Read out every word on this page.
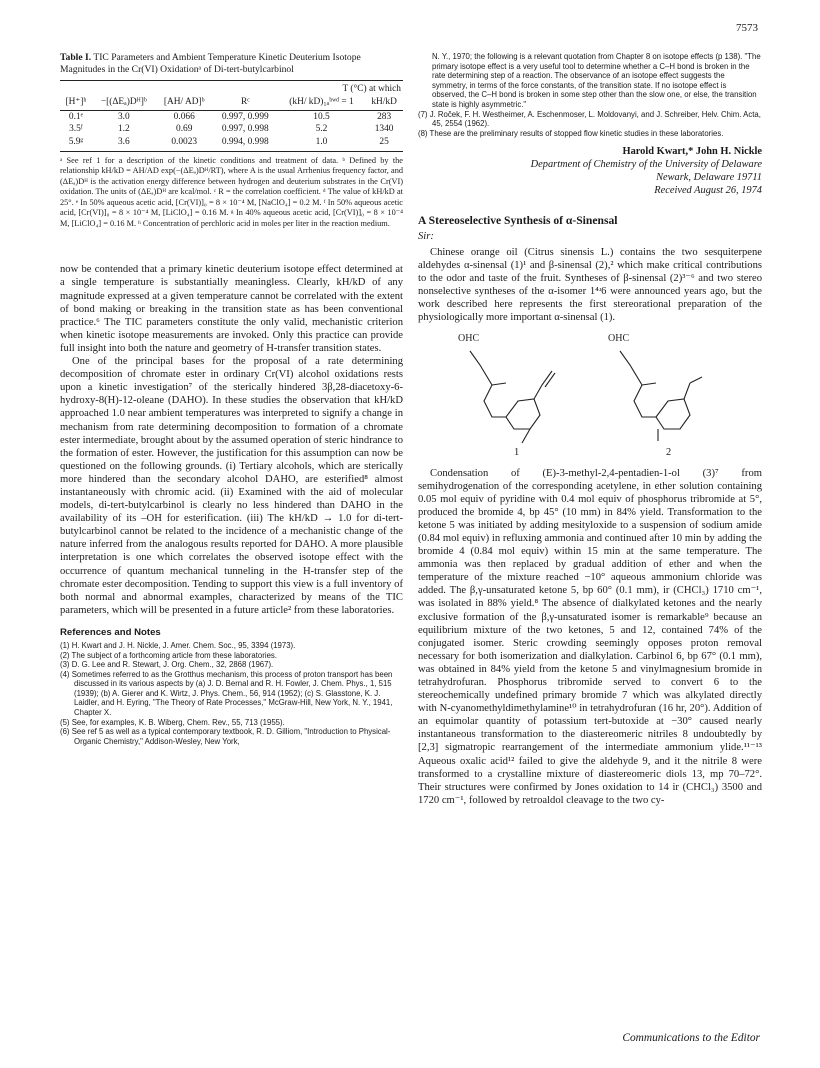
7573

Table I. TIC Parameters and Ambient Temperature Kinetic Deuterium Isotope Magnitudes in the Cr(VI) Oxidationᵃ of Di-tert-butylcarbinol

				T (°C) at which	
[H⁺]ʰ	−[(ΔEₐ)Dᴴ]ᵇ	[AH/ AD]ᵇ	Rᶜ	(kH/ kD)₁ₐᵇʷᵈ = 1	kH/kD
0.1ᵉ	3.0	0.066	0.997, 0.999	10.5	283
3.5ᶠ	1.2	0.69	0.997, 0.998	5.2	1340
5.9ᵍ	3.6	0.0023	0.994, 0.998	1.0	25

ᵃ See ref 1 for a description of the kinetic conditions and treatment of data. ᵇ Defined by the relationship kH/kD = AH/AD exp(−(ΔEₐ)Dᴴ/RT), where A is the usual Arrhenius frequency factor, and (ΔEₐ)Dᴴ is the activation energy difference between hydrogen and deuterium substrates in the Cr(VI) oxidation. The units of (ΔEₐ)Dᴴ are kcal/mol. ᶜ R = the correlation coefficient. ᵈ The value of kH/kD at 25°. ᵉ In 50% aqueous acetic acid, [Cr(VI)]₀ = 8 × 10⁻⁴ M, [NaClO₄] = 0.2 M. ᶠ In 50% aqueous acetic acid, [Cr(VI)]₀ = 8 × 10⁻⁴ M, [LiClO₄] = 0.16 M. ᵍ In 40% aqueous acetic acid, [Cr(VI)]₀ = 8 × 10⁻⁴ M, [LiClO₄] = 0.16 M. ʰ Concentration of perchloric acid in moles per liter in the reaction medium.

now be contended that a primary kinetic deuterium isotope effect determined at a single temperature is substantially meaningless. Clearly, kH/kD of any magnitude expressed at a given temperature cannot be correlated with the extent of bond making or breaking in the transition state as has been conventional practice.⁶ The TIC parameters constitute the only valid, mechanistic criterion when kinetic isotope measurements are invoked. Only this practice can provide full insight into both the nature and geometry of H-transfer transition states.

One of the principal bases for the proposal of a rate determining decomposition of chromate ester in ordinary Cr(VI) alcohol oxidations rests upon a kinetic investigation⁷ of the sterically hindered 3β,28-diacetoxy-6-hydroxy-8(H)-12-oleane (DAHO). In these studies the observation that kH/kD approached 1.0 near ambient temperatures was interpreted to signify a change in mechanism from rate determining decomposition to formation of a chromate ester intermediate, brought about by the assumed operation of steric hindrance to the formation of ester. However, the justification for this assumption can now be questioned on the following grounds. (i) Tertiary alcohols, which are sterically more hindered than the secondary alcohol DAHO, are esterified⁸ almost instantaneously with chromic acid. (ii) Examined with the aid of molecular models, di-tert-butylcarbinol is clearly no less hindered than DAHO in the availability of its –OH for esterification. (iii) The kH/kD → 1.0 for di-tert-butylcarbinol cannot be related to the incidence of a mechanistic change of the nature inferred from the analogous results reported for DAHO. A more plausible interpretation is one which correlates the observed isotope effect with the occurrence of quantum mechanical tunneling in the H-transfer step of the chromate ester decomposition. Tending to support this view is a full inventory of both normal and abnormal examples, characterized by means of the TIC parameters, which will be presented in a future article² from these laboratories.

References and Notes
(1) H. Kwart and J. H. Nickle, J. Amer. Chem. Soc., 95, 3394 (1973).
(2) The subject of a forthcoming article from these laboratories.
(3) D. G. Lee and R. Stewart, J. Org. Chem., 32, 2868 (1967).
(4) Sometimes referred to as the Grotthus mechanism, this process of proton transport has been discussed in its various aspects by (a) J. D. Bernal and R. H. Fowler, J. Chem. Phys., 1, 515 (1939); (b) A. Gierer and K. Wirtz, J. Phys. Chem., 56, 914 (1952); (c) S. Glasstone, K. J. Laidler, and H. Eyring, "The Theory of Rate Processes," McGraw-Hill, New York, N. Y., 1941, Chapter X.
(5) See, for examples, K. B. Wiberg, Chem. Rev., 55, 713 (1955).
(6) See ref 5 as well as a typical contemporary textbook, R. D. Gilliom, "Introduction to Physical-Organic Chemistry," Addison-Wesley, New York,
N. Y., 1970; the following is a relevant quotation from Chapter 8 on isotope effects (p 138). "The primary isotope effect is a very useful tool to determine whether a C–H bond is broken in the rate determining step of a reaction. The observance of an isotope effect suggests the symmetry, in terms of the force constants, of the transition state. If no isotope effect is observed, the C–H bond is broken in some step other than the slow one, or else, the transition state is highly asymmetric."
(7) J. Roček, F. H. Westheimer, A. Eschenmoser, L. Moldovanyi, and J. Schreiber, Helv. Chim. Acta, 45, 2554 (1962).
(8) These are the preliminary results of stopped flow kinetic studies in these laboratories.
Harold Kwart,* John H. Nickle

Department of Chemistry of the University of Delaware

Newark, Delaware 19711

Received August 26, 1974

A Stereoselective Synthesis of α-Sinensal
Sir:

Chinese orange oil (Citrus sinensis L.) contains the two sesquiterpene aldehydes α-sinensal (1)¹ and β-sinensal (2),² which make critical contributions to the odor and taste of the fruit. Syntheses of β-sinensal (2)³⁻⁶ and two stereo nonselective syntheses of the α-isomer 1⁴ʴ6 were announced years ago, but the work described here represents the first stereorational preparation of the physiologically more important α-sinensal (1).

OHC	OHC
1	2

Condensation of (E)-3-methyl-2,4-pentadien-1-ol (3)⁷ from semihydrogenation of the corresponding acetylene, in ether solution containing 0.05 mol equiv of pyridine with 0.4 mol equiv of phosphorus tribromide at 5°, produced the bromide 4, bp 45° (10 mm) in 84% yield. Transformation to the ketone 5 was initiated by adding mesityloxide to a suspension of sodium amide (0.84 mol equiv) in refluxing ammonia and continued after 10 min by adding the bromide 4 (0.84 mol equiv) within 15 min at the same temperature. The ammonia was then replaced by gradual addition of ether and when the temperature of the mixture reached −10° aqueous ammonium chloride was added. The β,γ-unsaturated ketone 5, bp 60° (0.1 mm), ir (CHCl₃) 1710 cm⁻¹, was isolated in 88% yield.⁸ The absence of dialkylated ketones and the nearly exclusive formation of the β,γ-unsaturated isomer is remarkable⁹ because an equilibrium mixture of the two ketones, 5 and 12, contained 74% of the conjugated isomer. Steric crowding seemingly opposes proton removal necessary for both isomerization and dialkylation. Carbinol 6, bp 67° (0.1 mm), was obtained in 84% yield from the ketone 5 and vinylmagnesium bromide in tetrahydrofuran. Phosphorus tribromide served to convert 6 to the stereochemically undefined primary bromide 7 which was alkylated directly with N-cyanomethyldimethylamine¹⁰ in tetrahydrofuran (16 hr, 20°). Addition of an equimolar quantity of potassium tert-butoxide at −30° caused nearly instantaneous transformation to the diastereomeric nitriles 8 undoubtedly by [2,3] sigmatropic rearrangement of the intermediate ammonium ylide.¹¹⁻¹³ Aqueous oxalic acid¹² failed to give the aldehyde 9, and it the nitrile 8 were transformed to a crystalline mixture of diastereomeric diols 13, mp 70–72°. Their structures were confirmed by Jones oxidation to 14 ir (CHCl₃) 3500 and 1720 cm⁻¹, followed by retroaldol cleavage to the two cy-

Communications to the Editor
